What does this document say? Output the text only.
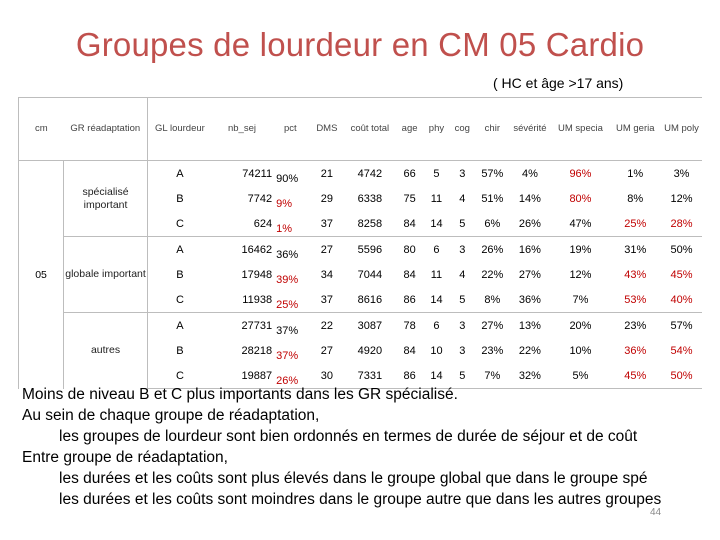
Groupes de lourdeur en CM 05 Cardio
( HC et âge >17 ans)
cm	GR réadaptation	GL lourdeur	nb_sej	pct	DMS	coût total	age	phy	cog	chir	sévérité	UM specia	UM geria	UM poly
05	spécialisé important	A	74211	90%	21	4742	66	5	3	57%	4%	96%	1%	3%
		B	7742	9%	29	6338	75	11	4	51%	14%	80%	8%	12%
		C	624	1%	37	8258	84	14	5	6%	26%	47%	25%	28%
	globale important	A	16462	36%	27	5596	80	6	3	26%	16%	19%	31%	50%
		B	17948	39%	34	7044	84	11	4	22%	27%	12%	43%	45%
		C	11938	25%	37	8616	86	14	5	8%	36%	7%	53%	40%
	autres	A	27731	37%	22	3087	78	6	3	27%	13%	20%	23%	57%
		B	28218	37%	27	4920	84	10	3	23%	22%	10%	36%	54%
		C	19887	26%	30	7331	86	14	5	7%	32%	5%	45%	50%
Moins de niveau B et C plus importants dans les GR spécialisé.
Au sein de chaque groupe de réadaptation,
les groupes de lourdeur sont bien ordonnés en termes de durée de séjour et de coût
Entre groupe de réadaptation,
les durées et les coûts sont plus élevés dans le groupe global que dans le groupe spé
les durées et les coûts sont moindres dans le groupe autre que dans les autres groupes
44
